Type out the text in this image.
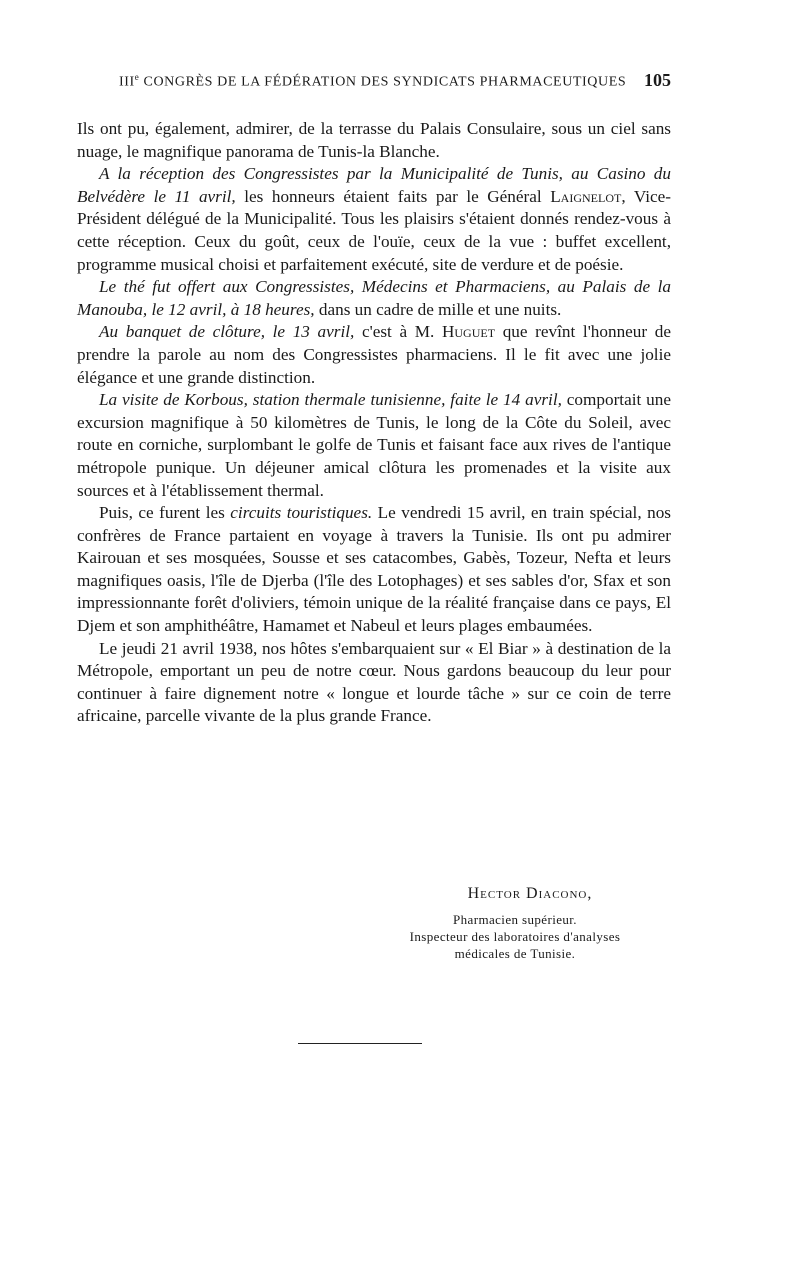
IIIe CONGRÈS DE LA FÉDÉRATION DES SYNDICATS PHARMACEUTIQUES 105

Ils ont pu, également, admirer, de la terrasse du Palais Consulaire, sous un ciel sans nuage, le magnifique panorama de Tunis-la Blanche.

A la réception des Congressistes par la Municipalité de Tunis, au Casino du Belvédère le 11 avril, les honneurs étaient faits par le Général Laignelot, Vice-Président délégué de la Municipalité. Tous les plaisirs s'étaient donnés rendez-vous à cette réception. Ceux du goût, ceux de l'ouïe, ceux de la vue : buffet excellent, programme musical choisi et parfaitement exécuté, site de verdure et de poésie.

Le thé fut offert aux Congressistes, Médecins et Pharmaciens, au Palais de la Manouba, le 12 avril, à 18 heures, dans un cadre de mille et une nuits.

Au banquet de clôture, le 13 avril, c'est à M. Huguet que revînt l'honneur de prendre la parole au nom des Congressistes pharmaciens. Il le fit avec une jolie élégance et une grande distinction.

La visite de Korbous, station thermale tunisienne, faite le 14 avril, comportait une excursion magnifique à 50 kilomètres de Tunis, le long de la Côte du Soleil, avec route en corniche, surplombant le golfe de Tunis et faisant face aux rives de l'antique métropole punique. Un déjeuner amical clôtura les promenades et la visite aux sources et à l'établissement thermal.

Puis, ce furent les circuits touristiques. Le vendredi 15 avril, en train spécial, nos confrères de France partaient en voyage à travers la Tunisie. Ils ont pu admirer Kairouan et ses mosquées, Sousse et ses catacombes, Gabès, Tozeur, Nefta et leurs magnifiques oasis, l'île de Djerba (l'île des Lotophages) et ses sables d'or, Sfax et son impressionnante forêt d'oliviers, témoin unique de la réalité française dans ce pays, El Djem et son amphithéâtre, Hamamet et Nabeul et leurs plages embaumées.

Le jeudi 21 avril 1938, nos hôtes s'embarquaient sur « El Biar » à destination de la Métropole, emportant un peu de notre cœur. Nous gardons beaucoup du leur pour continuer à faire dignement notre « longue et lourde tâche » sur ce coin de terre africaine, parcelle vivante de la plus grande France.

Hector Diacono,
Pharmacien supérieur.
Inspecteur des laboratoires d'analyses
médicales de Tunisie.
